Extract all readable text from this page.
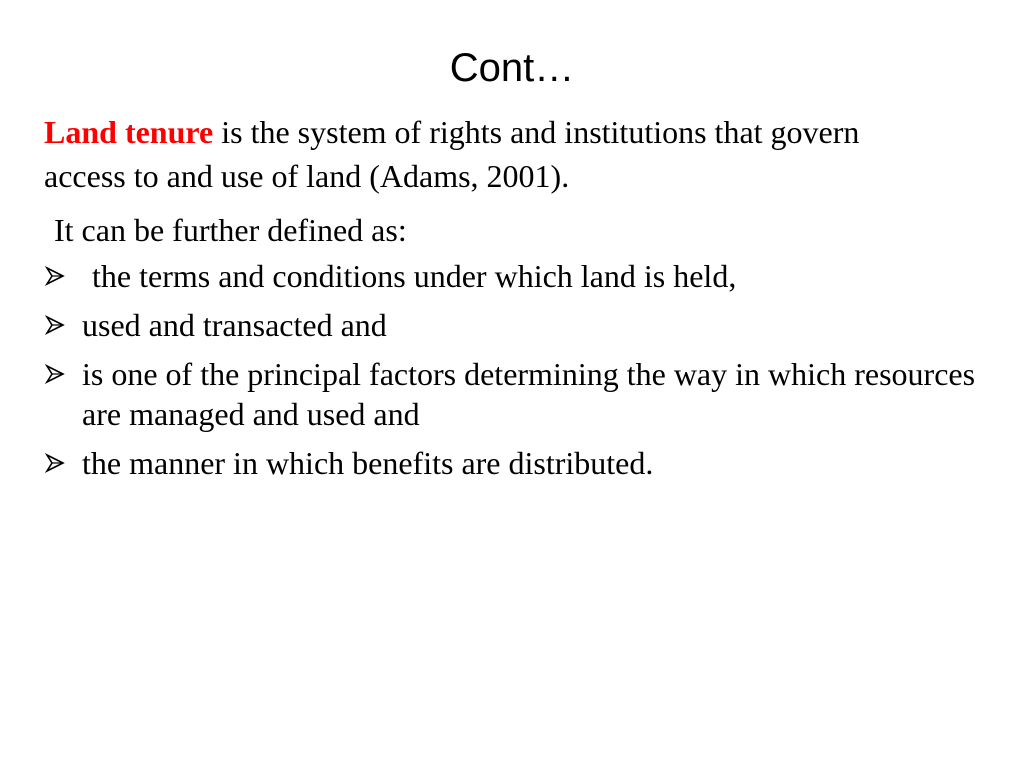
Cont…
Land tenure is the system of rights and institutions that govern access to and use of land (Adams, 2001).
It can be further defined as:
the terms and conditions under which land is held,
used and transacted and
is one of the principal factors determining the way in which resources are managed and used and
the manner in which benefits are distributed.
